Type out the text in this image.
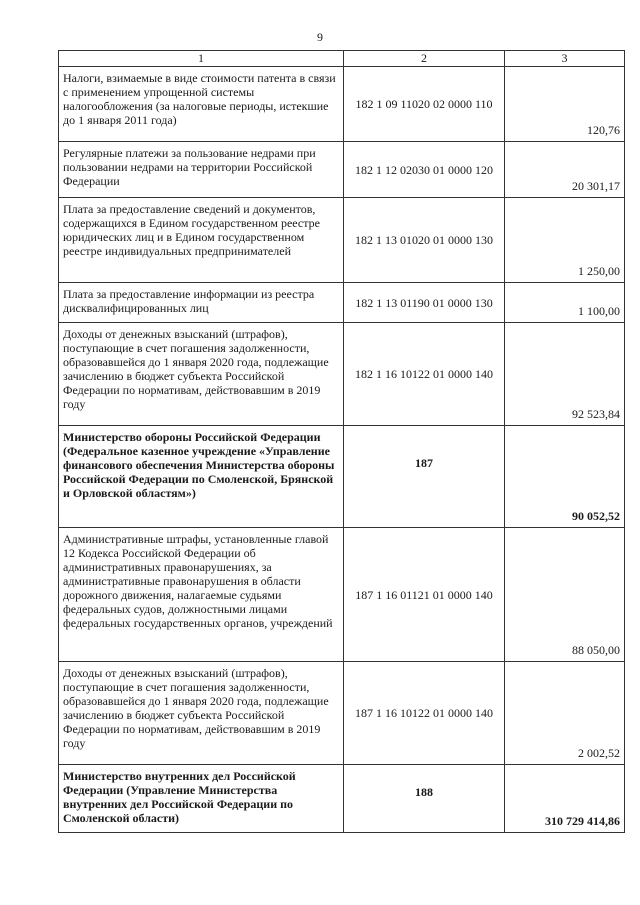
9
1	2	3
Налоги, взимаемые в виде стоимости патента в связи с применением упрощенной системы налогообложения (за налоговые периоды, истекшие до 1 января 2011 года)	182 1 09 11020 02 0000 110	120,76
Регулярные платежи за пользование недрами при пользовании недрами на территории Российской Федерации	182 1 12 02030 01 0000 120	20 301,17
Плата за предоставление сведений и документов, содержащихся в Едином государственном реестре юридических лиц и в Едином государственном реестре индивидуальных предпринимателей	182 1 13 01020 01 0000 130	1 250,00
Плата за предоставление информации из реестра дисквалифицированных лиц	182 1 13 01190 01 0000 130	1 100,00
Доходы от денежных взысканий (штрафов), поступающие в счет погашения задолженности, образовавшейся до 1 января 2020 года, подлежащие зачислению в бюджет субъекта Российской Федерации по нормативам, действовавшим в 2019 году	182 1 16 10122 01 0000 140	92 523,84
Министерство обороны Российской Федерации (Федеральное казенное учреждение «Управление финансового обеспечения Министерства обороны Российской Федерации по Смоленской, Брянской и Орловской областям»)	187	90 052,52
Административные штрафы, установленные главой 12 Кодекса Российской Федерации об административных правонарушениях, за административные правонарушения в области дорожного движения, налагаемые судьями федеральных судов, должностными лицами федеральных государственных органов, учреждений	187 1 16 01121 01 0000 140	88 050,00
Доходы от денежных взысканий (штрафов), поступающие в счет погашения задолженности, образовавшейся до 1 января 2020 года, подлежащие зачислению в бюджет субъекта Российской Федерации по нормативам, действовавшим в 2019 году	187 1 16 10122 01 0000 140	2 002,52
Министерство внутренних дел Российской Федерации (Управление Министерства внутренних дел Российской Федерации по Смоленской области)	188	310 729 414,86
